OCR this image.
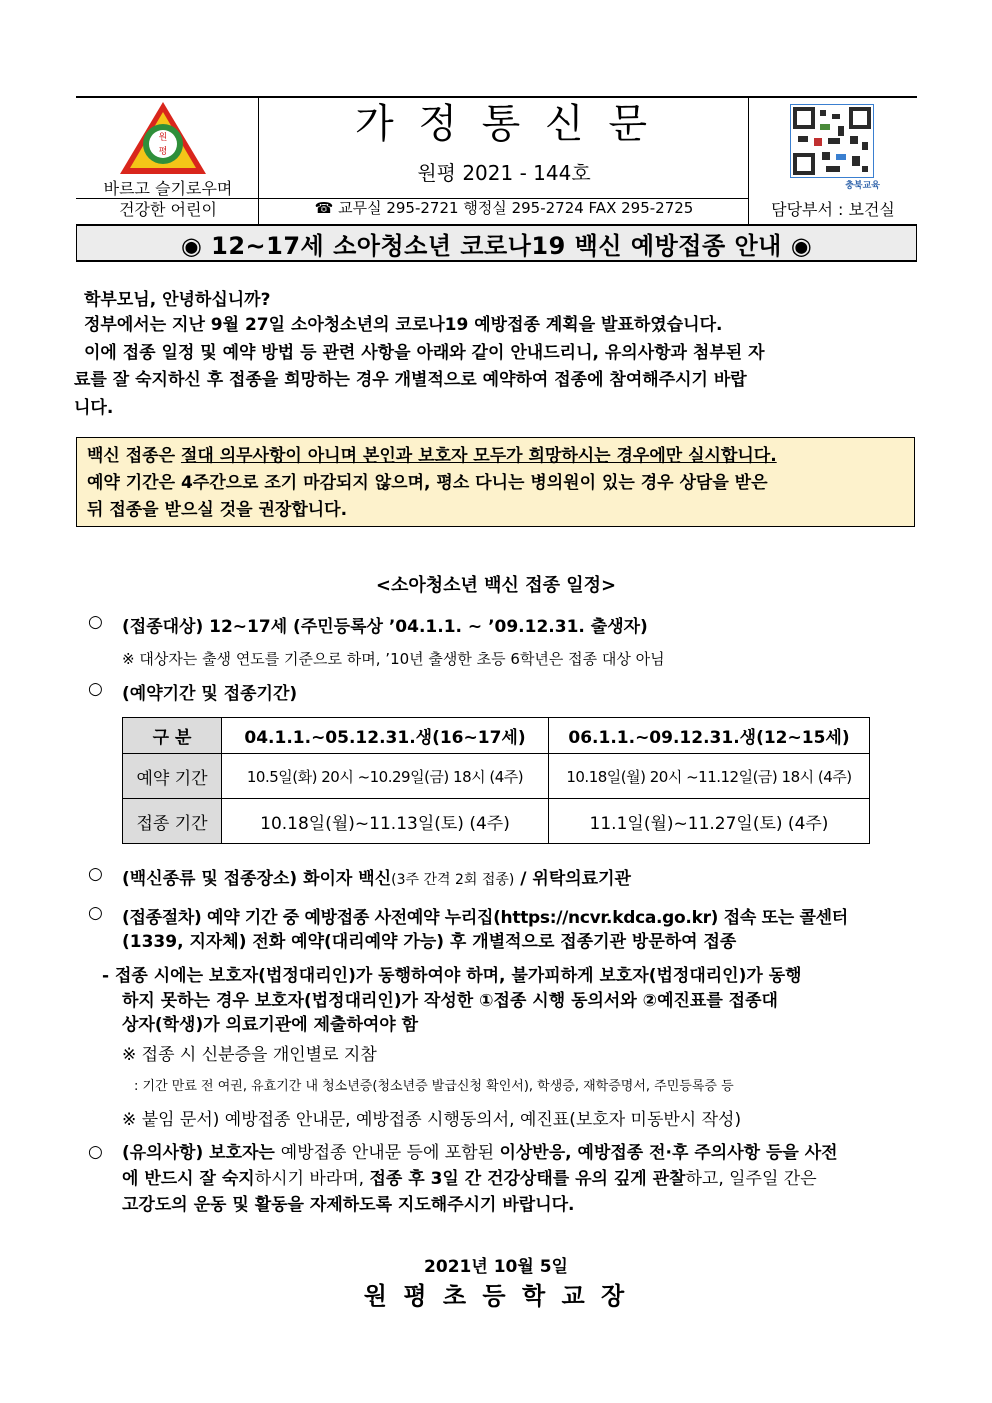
원
평
바르고 슬기로우며
건강한 어린이
가 정 통 신 문
원평 2021 - 144호
☎ 교무실 295-2721 행정실 295-2724 FAX 295-2725
충북교육
담당부서 : 보건실
◉ 12~17세 소아청소년 코로나19 백신 예방접종 안내 ◉
학부모님, 안녕하십니까?
정부에서는 지난 9월 27일 소아청소년의 코로나19 예방접종 계획을 발표하였습니다.
이에 접종 일정 및 예약 방법 등 관련 사항을 아래와 같이 안내드리니, 유의사항과 첨부된 자
료를 잘 숙지하신 후 접종을 희망하는 경우 개별적으로 예약하여 접종에 참여해주시기 바랍
니다.
백신 접종은 절대 의무사항이 아니며 본인과 보호자 모두가 희망하시는 경우에만 실시합니다.
예약 기간은 4주간으로 조기 마감되지 않으며, 평소 다니는 병의원이 있는 경우 상담을 받은
뒤 접종을 받으실 것을 권장합니다.
<소아청소년 백신 접종 일정>
○ (접종대상) 12~17세 (주민등록상 ’04.1.1. ~ ’09.12.31. 출생자)
※ 대상자는 출생 연도를 기준으로 하며, ’10년 출생한 초등 6학년은 접종 대상 아님
○ (예약기간 및 접종기간)
구 분	04.1.1.~05.12.31.생(16~17세)	06.1.1.~09.12.31.생(12~15세)
예약 기간	10.5일(화) 20시 ~10.29일(금) 18시 (4주)	10.18일(월) 20시 ~11.12일(금) 18시 (4주)
접종 기간	10.18일(월)~11.13일(토) (4주)	11.1일(월)~11.27일(토) (4주)
○ (백신종류 및 접종장소) 화이자 백신(3주 간격 2회 접종) / 위탁의료기관
○ (접종절차) 예약 기간 중 예방접종 사전예약 누리집(https://ncvr.kdca.go.kr) 접속 또는 콜센터
(1339, 지자체) 전화 예약(대리예약 가능) 후 개별적으로 접종기관 방문하여 접종
- 접종 시에는 보호자(법정대리인)가 동행하여야 하며, 불가피하게 보호자(법정대리인)가 동행
하지 못하는 경우 보호자(법정대리인)가 작성한 ①접종 시행 동의서와 ②예진표를 접종대
상자(학생)가 의료기관에 제출하여야 함
※ 접종 시 신분증을 개인별로 지참
: 기간 만료 전 여권, 유효기간 내 청소년증(청소년증 발급신청 확인서), 학생증, 재학증명서, 주민등록증 등
※ 붙임 문서) 예방접종 안내문, 예방접종 시행동의서, 예진표(보호자 미동반시 작성)
○ (유의사항) 보호자는 예방접종 안내문 등에 포함된 이상반응, 예방접종 전·후 주의사항 등을 사전
에 반드시 잘 숙지하시기 바라며, 접종 후 3일 간 건강상태를 유의 깊게 관찰하고, 일주일 간은
고강도의 운동 및 활동을 자제하도록 지도해주시기 바랍니다.
2021년 10월 5일
원 평 초 등 학 교 장
